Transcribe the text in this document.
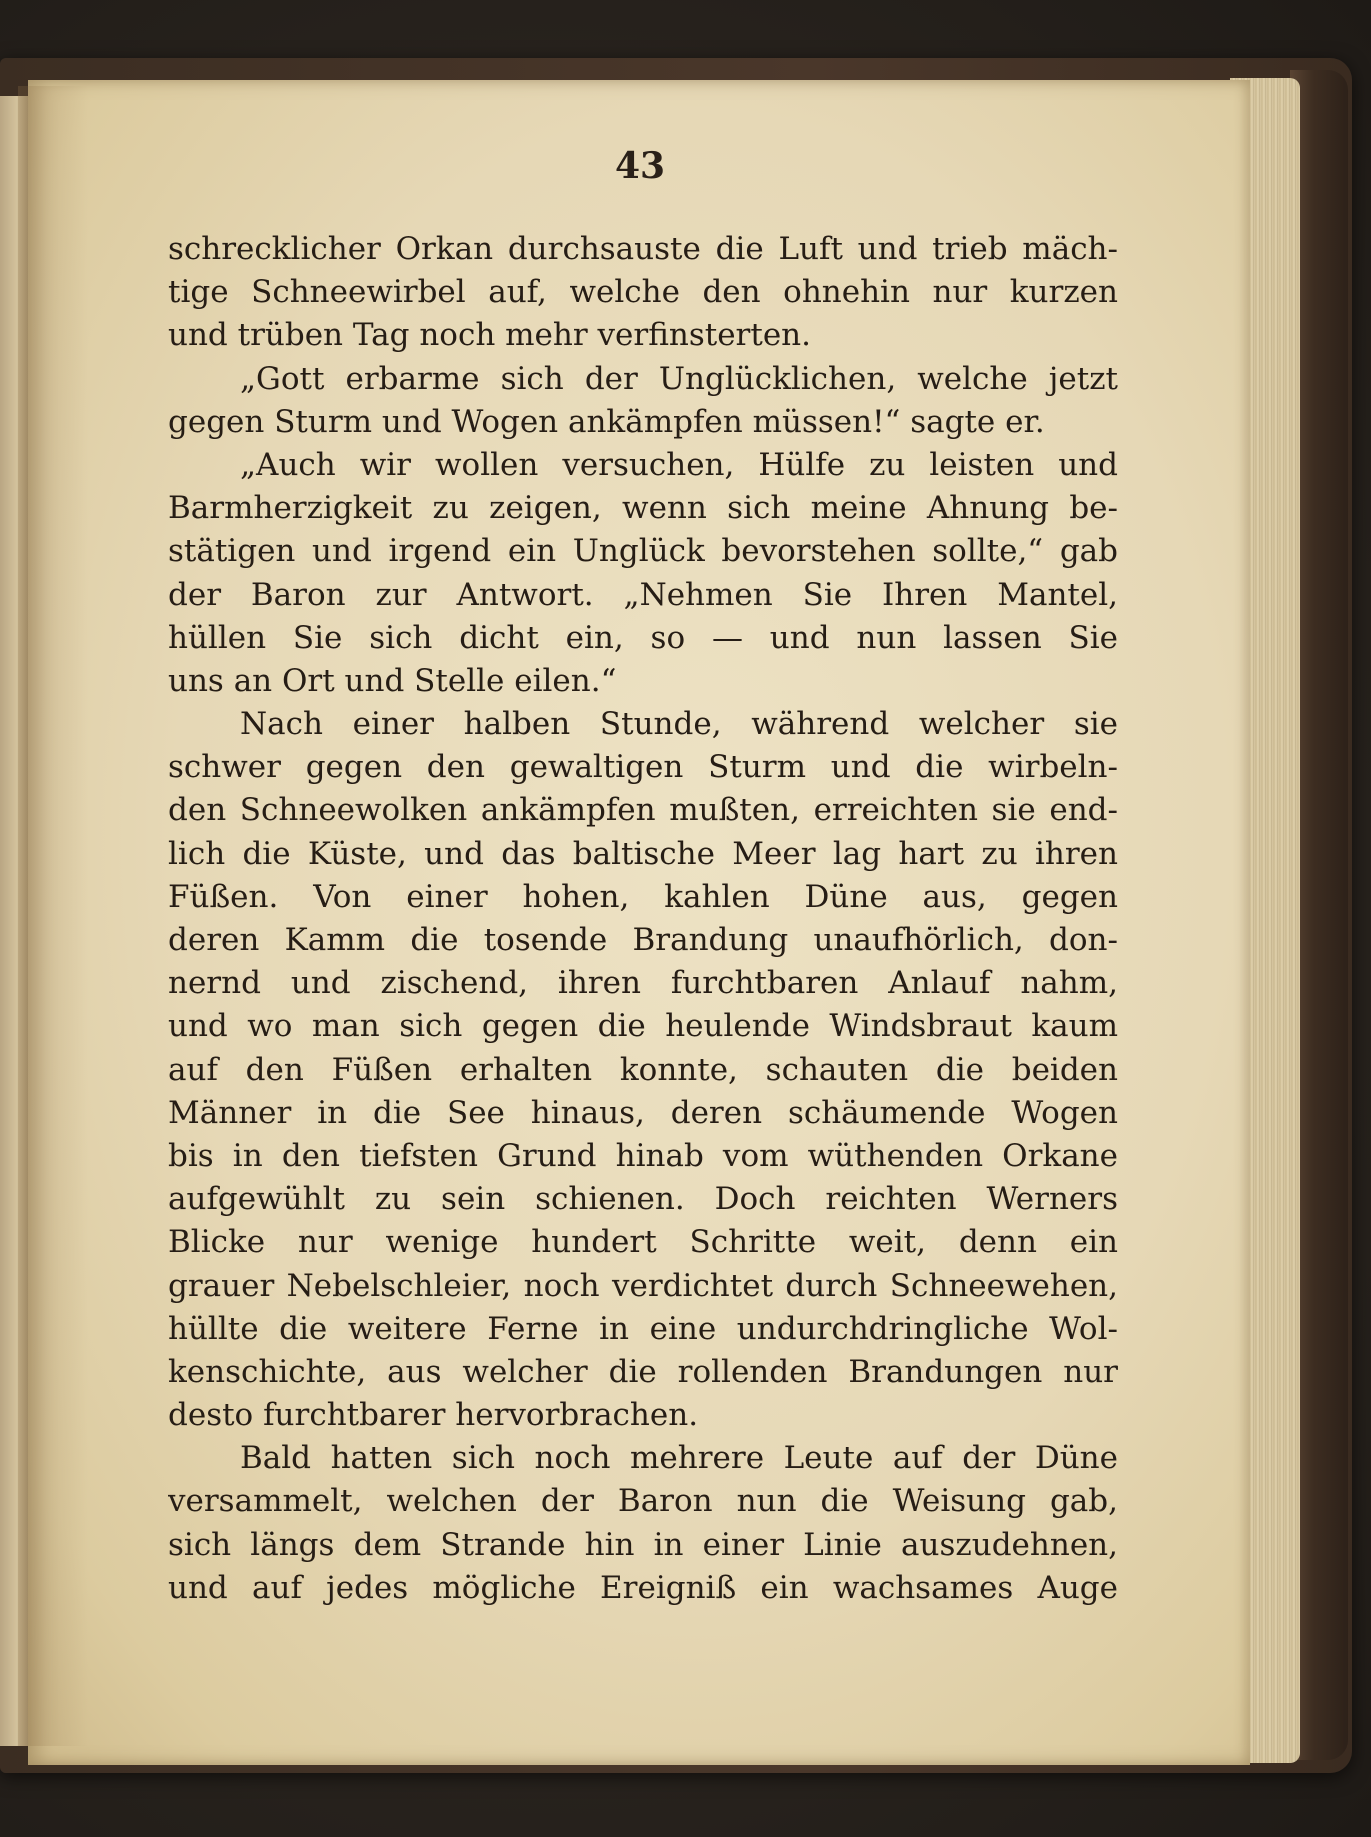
43
schrecklicher Orkan durchsauste die Luft und trieb mäch-
tige Schneewirbel auf, welche den ohnehin nur kurzen
und trüben Tag noch mehr verfinsterten.
„Gott erbarme sich der Unglücklichen, welche jetzt
gegen Sturm und Wogen ankämpfen müssen!“ sagte er.
„Auch wir wollen versuchen, Hülfe zu leisten und
Barmherzigkeit zu zeigen, wenn sich meine Ahnung be-
stätigen und irgend ein Unglück bevorstehen sollte,“ gab
der Baron zur Antwort. „Nehmen Sie Ihren Mantel,
hüllen Sie sich dicht ein, so — und nun lassen Sie
uns an Ort und Stelle eilen.“
Nach einer halben Stunde, während welcher sie
schwer gegen den gewaltigen Sturm und die wirbeln-
den Schneewolken ankämpfen mußten, erreichten sie end-
lich die Küste, und das baltische Meer lag hart zu ihren
Füßen. Von einer hohen, kahlen Düne aus, gegen
deren Kamm die tosende Brandung unaufhörlich, don-
nernd und zischend, ihren furchtbaren Anlauf nahm,
und wo man sich gegen die heulende Windsbraut kaum
auf den Füßen erhalten konnte, schauten die beiden
Männer in die See hinaus, deren schäumende Wogen
bis in den tiefsten Grund hinab vom wüthenden Orkane
aufgewühlt zu sein schienen. Doch reichten Werners
Blicke nur wenige hundert Schritte weit, denn ein
grauer Nebelschleier, noch verdichtet durch Schneewehen,
hüllte die weitere Ferne in eine undurchdringliche Wol-
kenschichte, aus welcher die rollenden Brandungen nur
desto furchtbarer hervorbrachen.
Bald hatten sich noch mehrere Leute auf der Düne
versammelt, welchen der Baron nun die Weisung gab,
sich längs dem Strande hin in einer Linie auszudehnen,
und auf jedes mögliche Ereigniß ein wachsames Auge
